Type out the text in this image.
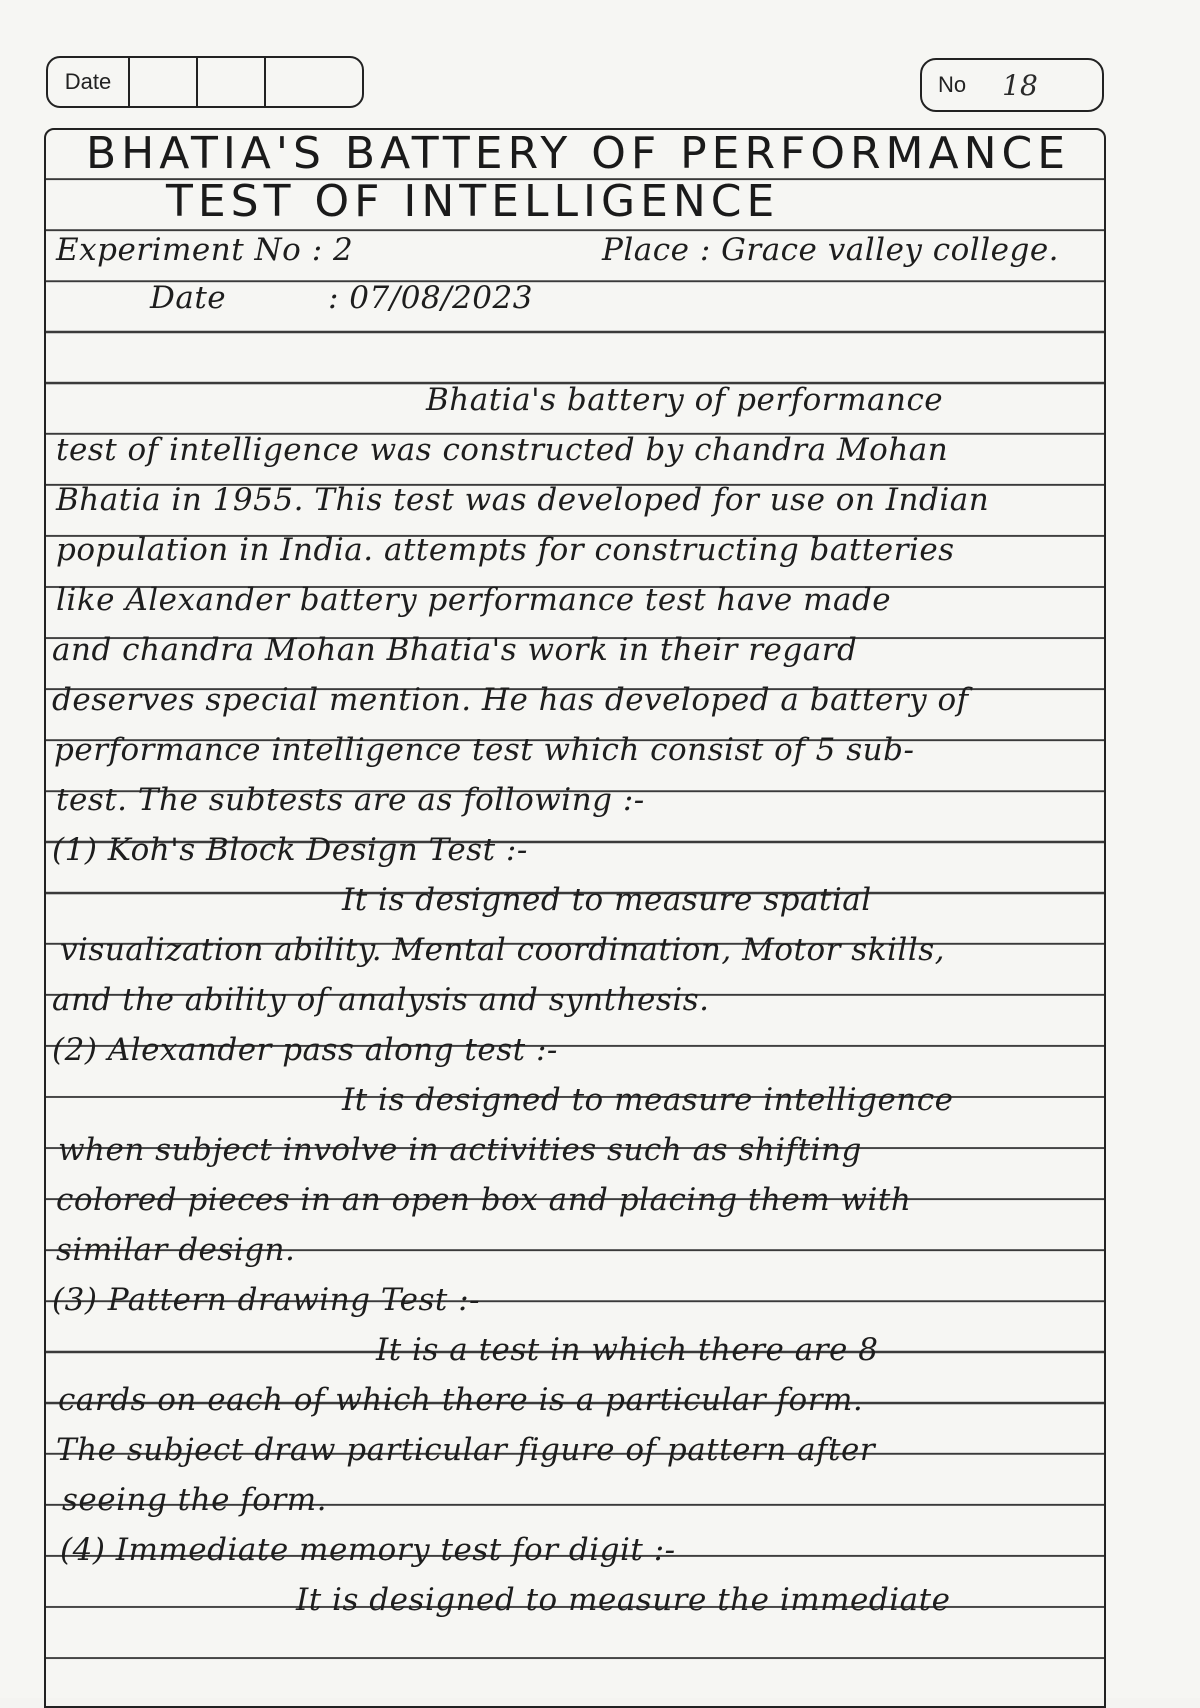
Date	No 18
BHATIA'S BATTERY OF PERFORMANCE
TEST OF INTELLIGENCE
Experiment No : 2	Place : Grace valley college.
Date	: 07/08/2023
Bhatia's battery of performance
test of intelligence was constructed by chandra Mohan
Bhatia in 1955. This test was developed for use on Indian
population in India. attempts for constructing batteries
like Alexander battery performance test have made
and chandra Mohan Bhatia's work in their regard
deserves special mention. He has developed a battery of
performance intelligence test which consist of 5 sub-
test. The subtests are as following :-
(1) Koh's Block Design Test :-
It is designed to measure spatial
visualization ability. Mental coordination, Motor skills,
and the ability of analysis and synthesis.
(2) Alexander pass along test :-
It is designed to measure intelligence
when subject involve in activities such as shifting
colored pieces in an open box and placing them with
similar design.
(3) Pattern drawing Test :-
It is a test in which there are 8
cards on each of which there is a particular form.
The subject draw particular figure of pattern after
seeing the form.
(4) Immediate memory test for digit :-
It is designed to measure the immediate
